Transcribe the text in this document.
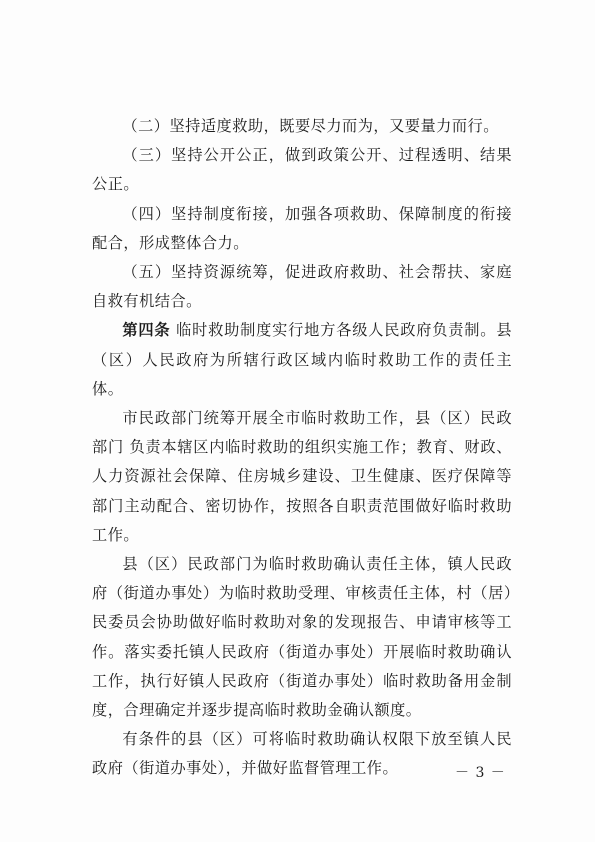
（二）坚持适度救助，既要尽力而为，又要量力而行。

（三）坚持公开公正，做到政策公开、过程透明、结果公正。

（四）坚持制度衔接，加强各项救助、保障制度的衔接配合，形成整体合力。

（五）坚持资源统筹，促进政府救助、社会帮扶、家庭自救有机结合。

第四条 临时救助制度实行地方各级人民政府负责制。县（区）人民政府为所辖行政区域内临时救助工作的责任主体。

市民政部门统筹开展全市临时救助工作，县（区）民政部门 负责本辖区内临时救助的组织实施工作；教育、财政、人力资源社会保障、住房城乡建设、卫生健康、医疗保障等部门主动配合、密切协作，按照各自职责范围做好临时救助工作。

县（区）民政部门为临时救助确认责任主体，镇人民政府（街道办事处）为临时救助受理、审核责任主体，村（居）民委员会协助做好临时救助对象的发现报告、申请审核等工作。落实委托镇人民政府（街道办事处）开展临时救助确认工作，执行好镇人民政府（街道办事处）临时救助备用金制度，合理确定并逐步提高临时救助金确认额度。

有条件的县（区）可将临时救助确认权限下放至镇人民政府（街道办事处），并做好监督管理工作。	－ 3 －
